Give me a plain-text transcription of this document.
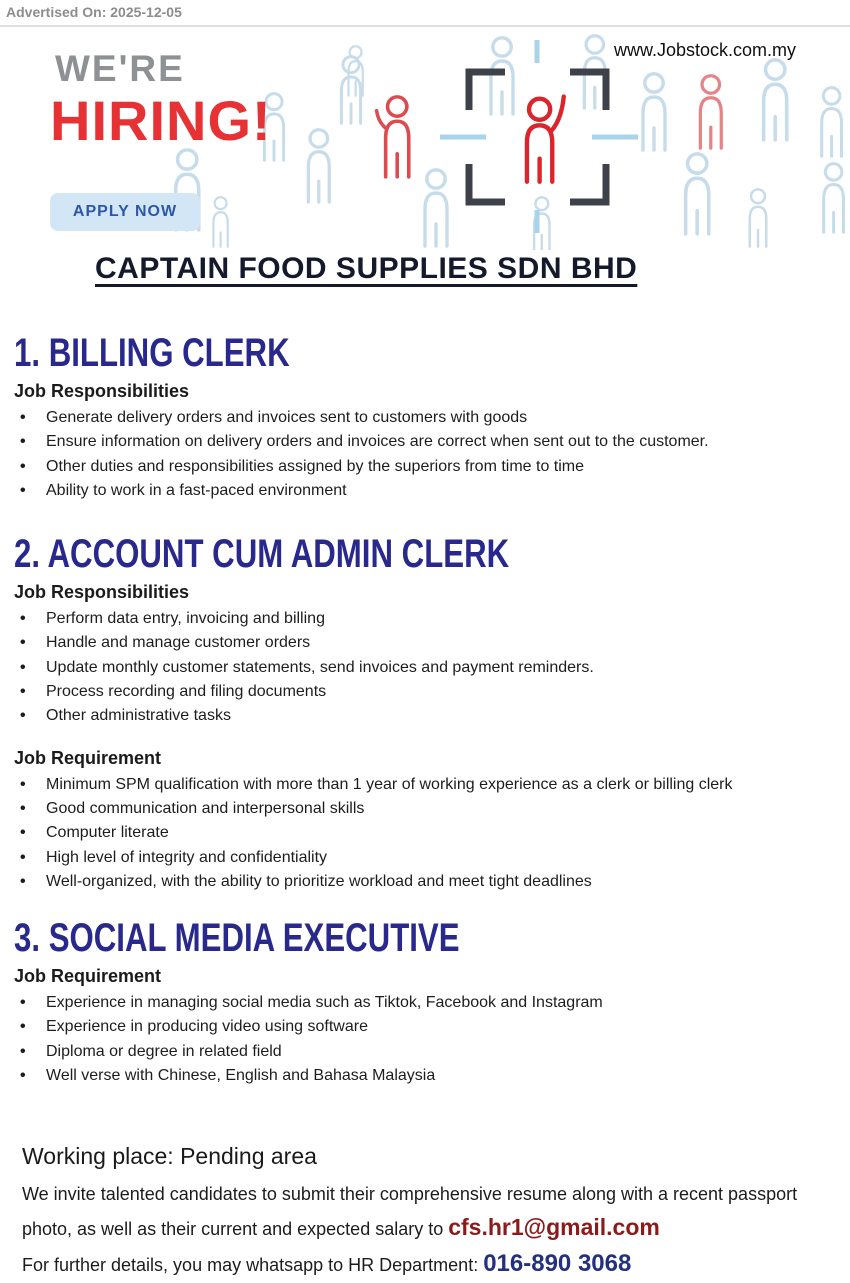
Advertised On: 2025-12-05
www.Jobstock.com.my
WE'RE
HIRING!
APPLY NOW
CAPTAIN FOOD SUPPLIES SDN BHD
1. BILLING CLERK
Job Responsibilities
•	Generate delivery orders and invoices sent to customers with goods
•	Ensure information on delivery orders and invoices are correct when sent out to the customer.
•	Other duties and responsibilities assigned by the superiors from time to time
•	Ability to work in a fast-paced environment
2. ACCOUNT CUM ADMIN CLERK
Job Responsibilities
•	Perform data entry, invoicing and billing
•	Handle and manage customer orders
•	Update monthly customer statements, send invoices and payment reminders.
•	Process recording and filing documents
•	Other administrative tasks
Job Requirement
•	Minimum SPM qualification with more than 1 year of working experience as a clerk or billing clerk
•	Good communication and interpersonal skills
•	Computer literate
•	High level of integrity and confidentiality
•	Well-organized, with the ability to prioritize workload and meet tight deadlines
3. SOCIAL MEDIA EXECUTIVE
Job Requirement
•	Experience in managing social media such as Tiktok, Facebook and Instagram
•	Experience in producing video using software
•	Diploma or degree in related field
•	Well verse with Chinese, English and Bahasa Malaysia
Working place: Pending area
We invite talented candidates to submit their comprehensive resume along with a recent passport
photo, as well as their current and expected salary to cfs.hr1@gmail.com
For further details, you may whatsapp to HR Department: 016-890 3068
